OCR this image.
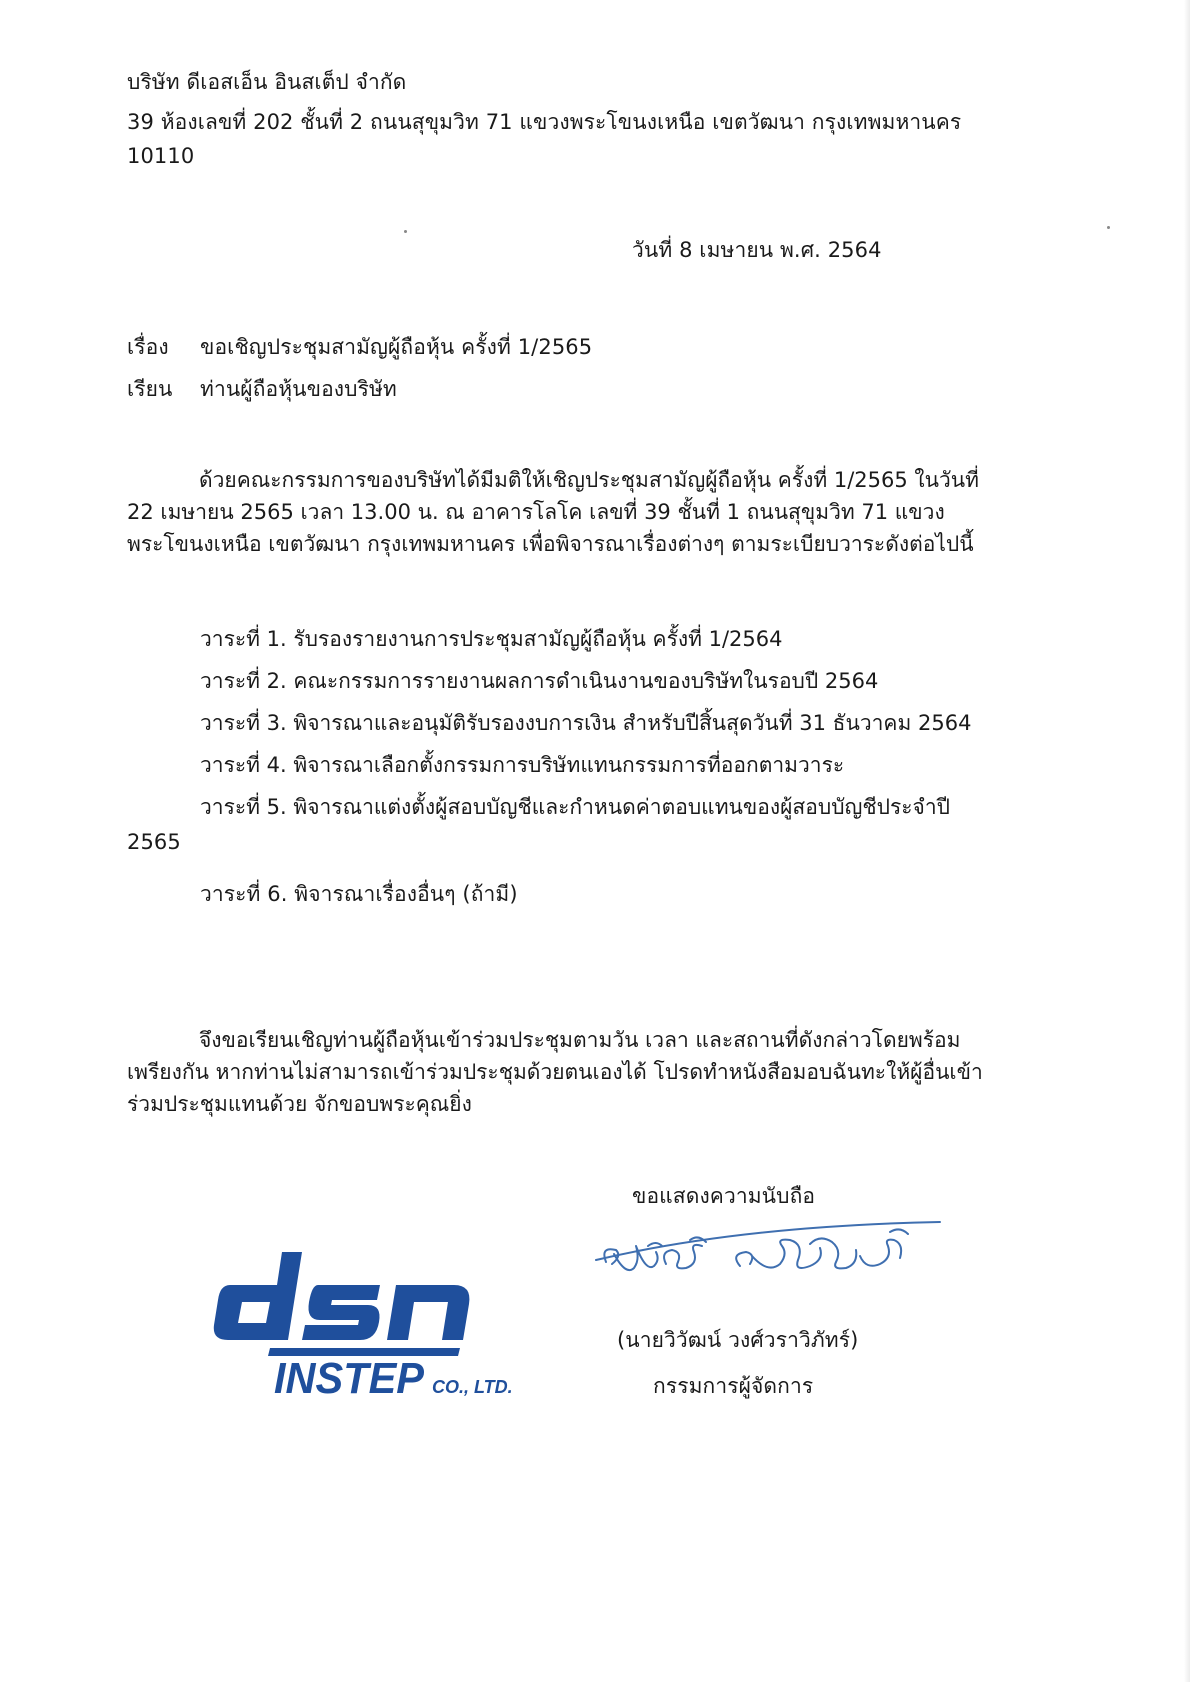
บริษัท ดีเอสเอ็น อินสเต็ป จำกัด
39 ห้องเลขที่ 202 ชั้นที่ 2 ถนนสุขุมวิท 71 แขวงพระโขนงเหนือ เขตวัฒนา กรุงเทพมหานคร
10110
วันที่ 8 เมษายน พ.ศ. 2564
เรื่อง ขอเชิญประชุมสามัญผู้ถือหุ้น ครั้งที่ 1/2565
เรียน ท่านผู้ถือหุ้นของบริษัท

ด้วยคณะกรรมการของบริษัทได้มีมติให้เชิญประชุมสามัญผู้ถือหุ้น ครั้งที่ 1/2565 ในวันที่

22 เมษายน 2565 เวลา 13.00 น. ณ อาคารโลโค เลขที่ 39 ชั้นที่ 1 ถนนสุขุมวิท 71 แขวง

พระโขนงเหนือ เขตวัฒนา กรุงเทพมหานคร เพื่อพิจารณาเรื่องต่างๆ ตามระเบียบวาระดังต่อไปนี้

วาระที่ 1. รับรองรายงานการประชุมสามัญผู้ถือหุ้น ครั้งที่ 1/2564
วาระที่ 2. คณะกรรมการรายงานผลการดำเนินงานของบริษัทในรอบปี 2564
วาระที่ 3. พิจารณาและอนุมัติรับรองงบการเงิน สำหรับปีสิ้นสุดวันที่ 31 ธันวาคม 2564
วาระที่ 4. พิจารณาเลือกตั้งกรรมการบริษัทแทนกรรมการที่ออกตามวาระ
วาระที่ 5. พิจารณาแต่งตั้งผู้สอบบัญชีและกำหนดค่าตอบแทนของผู้สอบบัญชีประจำปี
2565
วาระที่ 6. พิจารณาเรื่องอื่นๆ (ถ้ามี)

จึงขอเรียนเชิญท่านผู้ถือหุ้นเข้าร่วมประชุมตามวัน เวลา และสถานที่ดังกล่าวโดยพร้อม

เพรียงกัน หากท่านไม่สามารถเข้าร่วมประชุมด้วยตนเองได้ โปรดทำหนังสือมอบฉันทะให้ผู้อื่นเข้า

ร่วมประชุมแทนด้วย จักขอบพระคุณยิ่ง

ขอแสดงความนับถือ
INSTEP CO., LTD.
(นายวิวัฒน์ วงศ์วราวิภัทร์)
กรรมการผู้จัดการ
